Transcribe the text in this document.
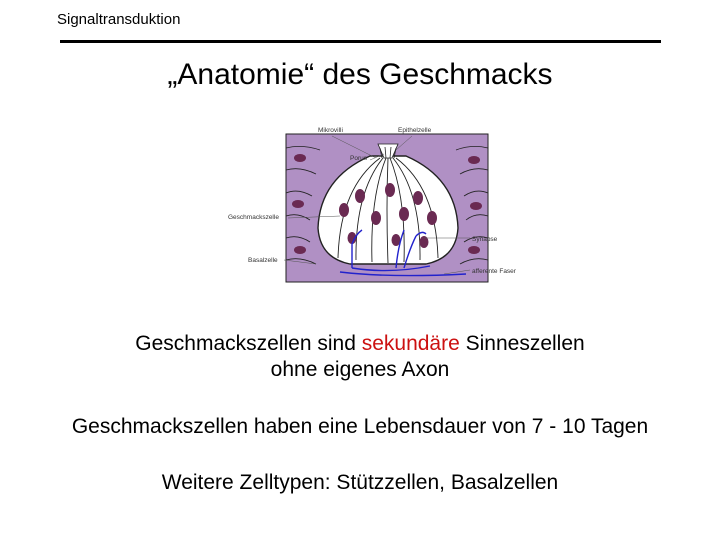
Signaltransduktion
„Anatomie“ des Geschmacks
Mikrovilli	Epithelzelle
Porus
Geschmackszelle
Synapse
Basalzelle
afferente Faser
Geschmackszellen sind sekundäre Sinneszellen
ohne eigenes Axon
Geschmackszellen haben eine Lebensdauer von 7 - 10 Tagen
Weitere Zelltypen: Stützzellen, Basalzellen
